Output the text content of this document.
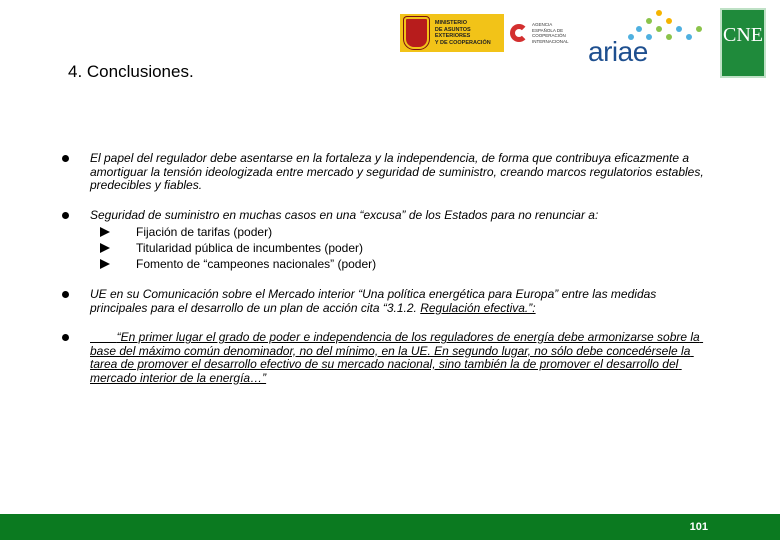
MINISTERIO
DE ASUNTOS EXTERIORES
Y DE COOPERACIÓN
AGENCIA
ESPAÑOLA DE
COOPERACIÓN
INTERNACIONAL ariae
CNE
4. Conclusiones.
El papel del regulador debe asentarse en la fortaleza y la independencia, de forma que contribuya eficazmente a amortiguar la tensión ideologizada entre mercado y seguridad de suministro, creando marcos regulatorios estables, predecibles y fiables.
Seguridad de suministro en muchas casos en una “excusa” de los Estados para no renunciar a:
Fijación de tarifas (poder)
Titularidad pública de incumbentes (poder)
Fomento de “campeones nacionales” (poder)
UE en su Comunicación sobre el Mercado interior “Una política energética para Europa” entre las medidas principales para el desarrollo de un plan de acción cita “3.1.2. Regulación efectiva.”:
“En primer lugar el grado de poder e independencia de los reguladores de energía debe armonizarse sobre la base del máximo común denominador, no del mínimo, en la UE. En segundo lugar, no sólo debe concedérsele la tarea de promover el desarrollo efectivo de su mercado nacional, sino también la de promover el desarrollo del mercado interior de la energía…”
101
